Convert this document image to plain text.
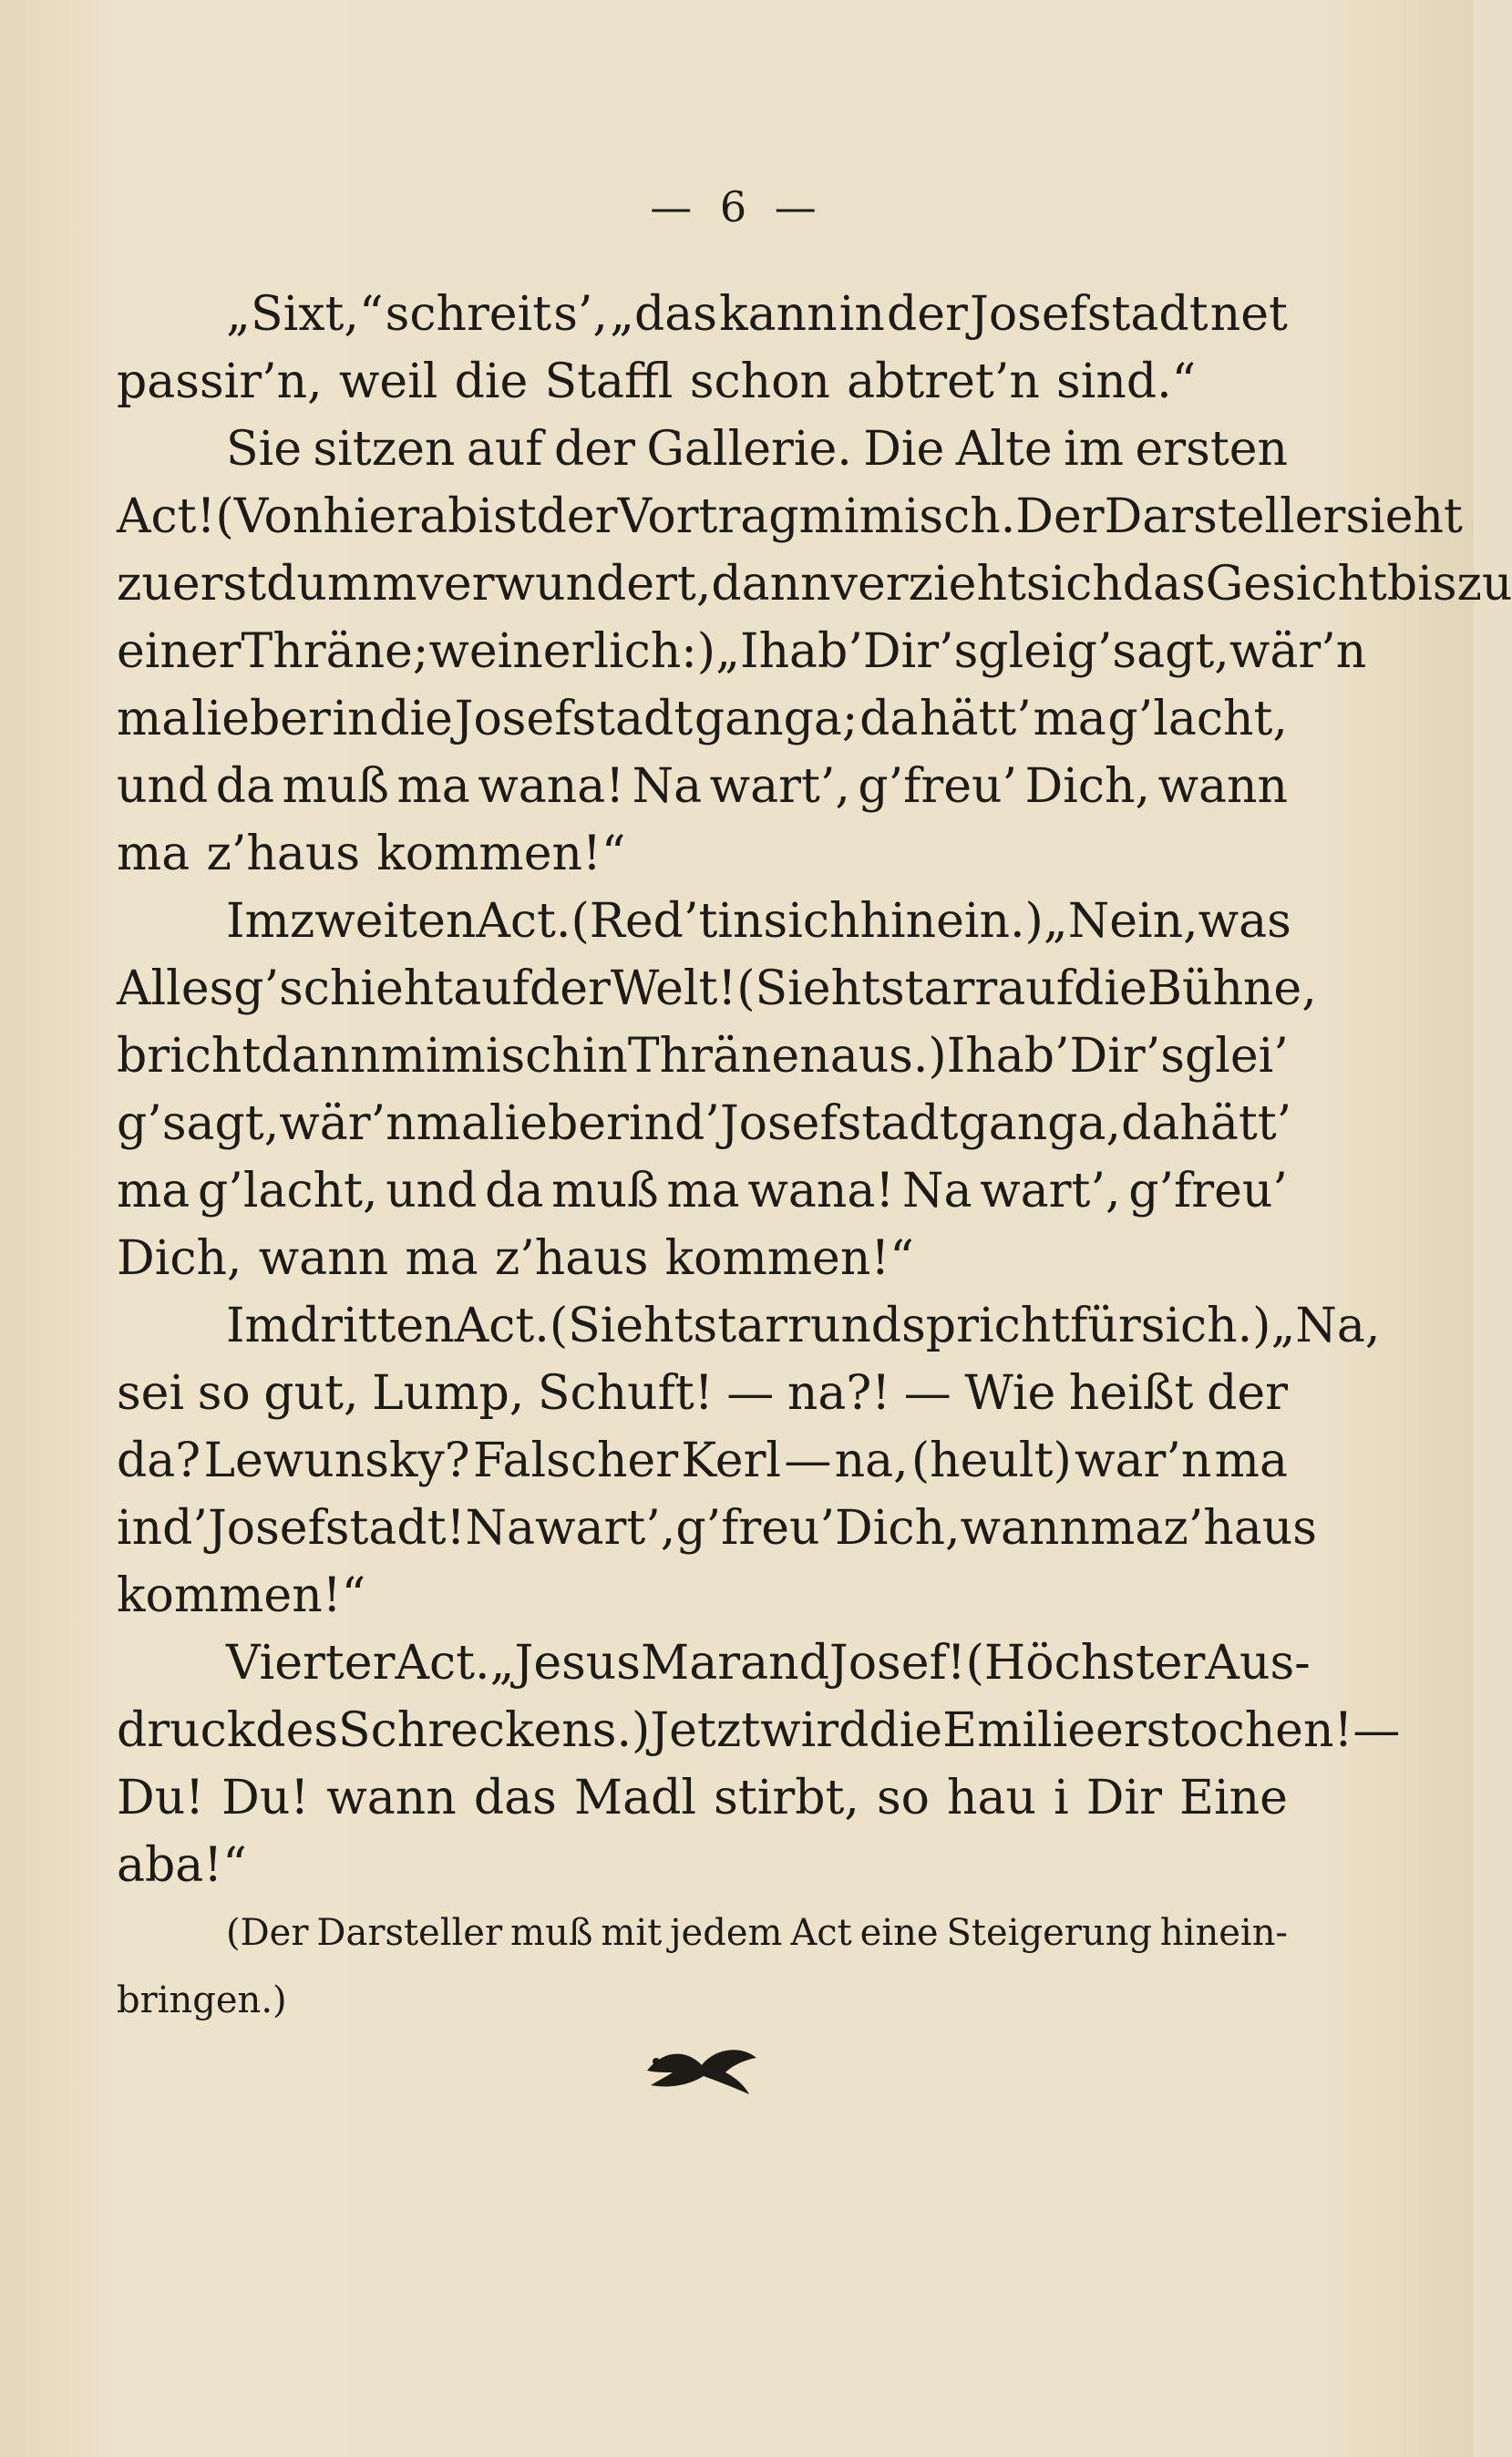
— 6 —
„Sixt,“ schreit s’, „das kann in der Josefstadt net
passir’n, weil die Staffl schon abtret’n sind.“
Sie sitzen auf der Gallerie. Die Alte im ersten
Act! (Von hier ab ist der Vortrag mimisch. Der Darsteller sieht
zuerst dumm verwundert, dann verzieht sich das Gesicht bis zu
einer Thräne; weinerlich:) „I hab’ Dir’s glei g’sagt, wär’n
ma lieber in die Josefstadt ganga; da hätt’ ma g’lacht,
und da muß ma wana! Na wart’, g’freu’ Dich, wann
ma z’haus kommen!“
Im zweiten Act. (Red’t in sich hinein.) „Nein, was
Alles g’schieht auf der Welt! (Sieht starr auf die Bühne,
bricht dann mimisch in Thränen aus.) I hab’ Dir’s glei’
g’sagt, wär’n ma lieber in d’ Josefstadt ganga, da hätt’
ma g’lacht, und da muß ma wana! Na wart’, g’freu’
Dich, wann ma z’haus kommen!“
Im dritten Act. (Sieht starr und spricht für sich.) „Na,
sei so gut, Lump, Schuft! — na?! — Wie heißt der
da? Lewunsky? Falscher Kerl — na, (heult) war’n ma
in d’ Josefstadt! Na wart’, g’freu’ Dich, wann ma z’haus
kommen!“
Vierter Act. „Jesus Marand Josef! (Höchster Aus-
druck des Schreckens.) Jetzt wird die Emilie erstochen! —
Du! Du! wann das Madl stirbt, so hau i Dir Eine
aba!“
(Der Darsteller muß mit jedem Act eine Steigerung hinein-
bringen.)
